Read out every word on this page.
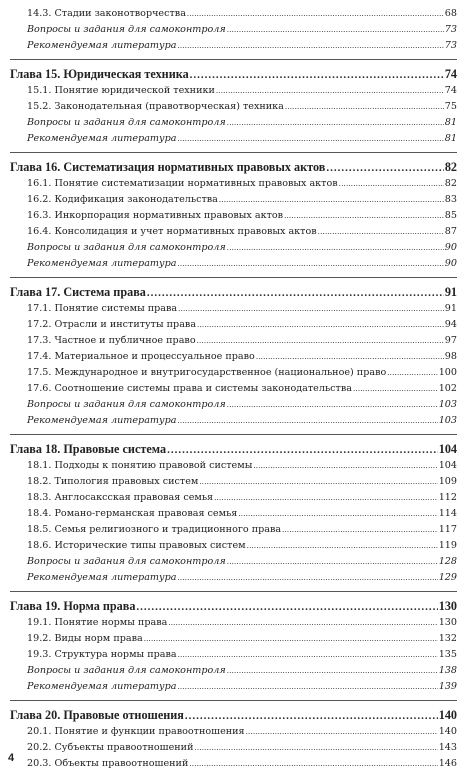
14.3. Стадии законотворчества .....	68
Вопросы и задания для самоконтроля .....	73
Рекомендуемая литература .....	73
Глава 15. Юридическая техника .....	74
15.1. Понятие юридической техники .....	74
15.2. Законодательная (правотворческая) техника .....	75
Вопросы и задания для самоконтроля .....	81
Рекомендуемая литература .....	81
Глава 16. Систематизация нормативных правовых актов .....	82
16.1. Понятие систематизации нормативных правовых актов .....	82
16.2. Кодификация законодательства .....	83
16.3. Инкорпорация нормативных правовых актов .....	85
16.4. Консолидация и учет нормативных правовых актов .....	87
Вопросы и задания для самоконтроля .....	90
Рекомендуемая литература .....	90
Глава 17. Система права .....	91
17.1. Понятие системы права .....	91
17.2. Отрасли и институты права .....	94
17.3. Частное и публичное право .....	97
17.4. Материальное и процессуальное право .....	98
17.5. Международное и внутригосударственное (национальное) право .....	100
17.6. Соотношение системы права и системы законодательства .....	102
Вопросы и задания для самоконтроля .....	103
Рекомендуемая литература .....	103
Глава 18. Правовые система .....	104
18.1. Подходы к понятию правовой системы .....	104
18.2. Типология правовых систем .....	109
18.3. Англосаксская правовая семья .....	112
18.4. Романо-германская правовая семья .....	114
18.5. Семья религиозного и традиционного права .....	117
18.6. Исторические типы правовых систем .....	119
Вопросы и задания для самоконтроля .....	128
Рекомендуемая литература .....	129
Глава 19. Норма права .....	130
19.1. Понятие нормы права .....	130
19.2. Виды норм права .....	132
19.3. Структура нормы права .....	135
Вопросы и задания для самоконтроля .....	138
Рекомендуемая литература .....	139
Глава 20. Правовые отношения .....	140
20.1. Понятие и функции правоотношения .....	140
20.2. Субъекты правоотношений .....	143
20.3. Объекты правоотношений .....	146
4
